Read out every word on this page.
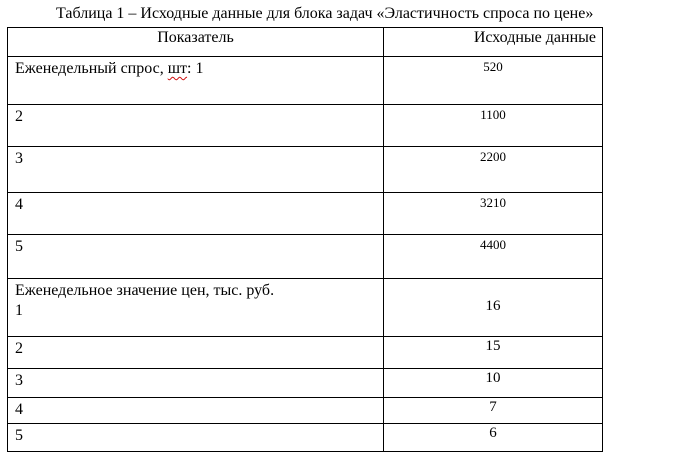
Таблица 1 – Исходные данные для блока задач «Эластичность спроса по цене»
Показатель	Исходные данные
Еженедельный спрос, шт: 1	520
2	1100
3	2200
4	3210
5	4400

Еженедельное значение цен, тыс. руб.
1	16
2	15
3	10
4	7
5	6
